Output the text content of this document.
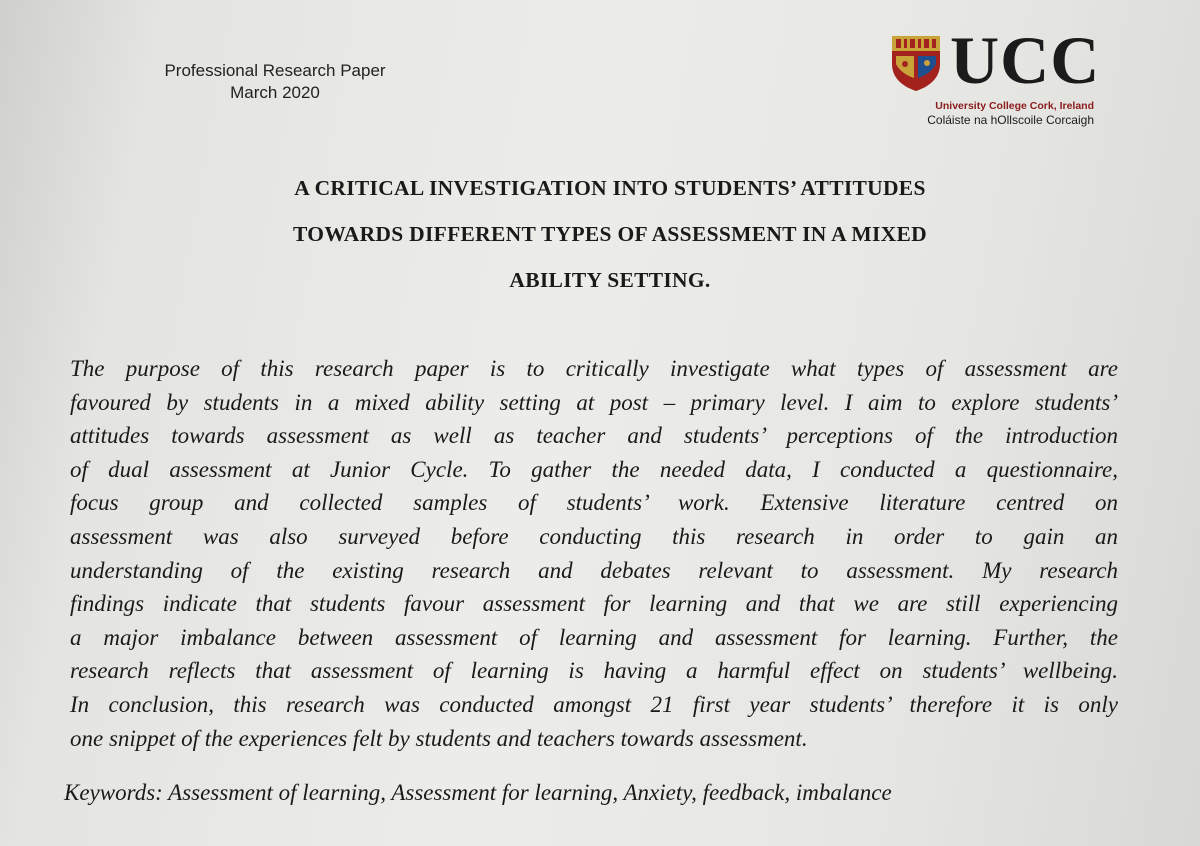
Professional Research Paper
March 2020	UCC
University College Cork, Ireland
Coláiste na hOllscoile Corcaigh
A CRITICAL INVESTIGATION INTO STUDENTS’ ATTITUDES
TOWARDS DIFFERENT TYPES OF ASSESSMENT IN A MIXED
ABILITY SETTING.
The purpose of this research paper is to critically investigate what types of assessment are
favoured by students in a mixed ability setting at post – primary level. I aim to explore students’
attitudes towards assessment as well as teacher and students’ perceptions of the introduction
of dual assessment at Junior Cycle. To gather the needed data, I conducted a questionnaire,
focus group and collected samples of students’ work. Extensive literature centred on
assessment was also surveyed before conducting this research in order to gain an
understanding of the existing research and debates relevant to assessment. My research
findings indicate that students favour assessment for learning and that we are still experiencing
a major imbalance between assessment of learning and assessment for learning. Further, the
research reflects that assessment of learning is having a harmful effect on students’ wellbeing.
In conclusion, this research was conducted amongst 21 first year students’ therefore it is only
one snippet of the experiences felt by students and teachers towards assessment.
Keywords: Assessment of learning, Assessment for learning, Anxiety, feedback, imbalance
